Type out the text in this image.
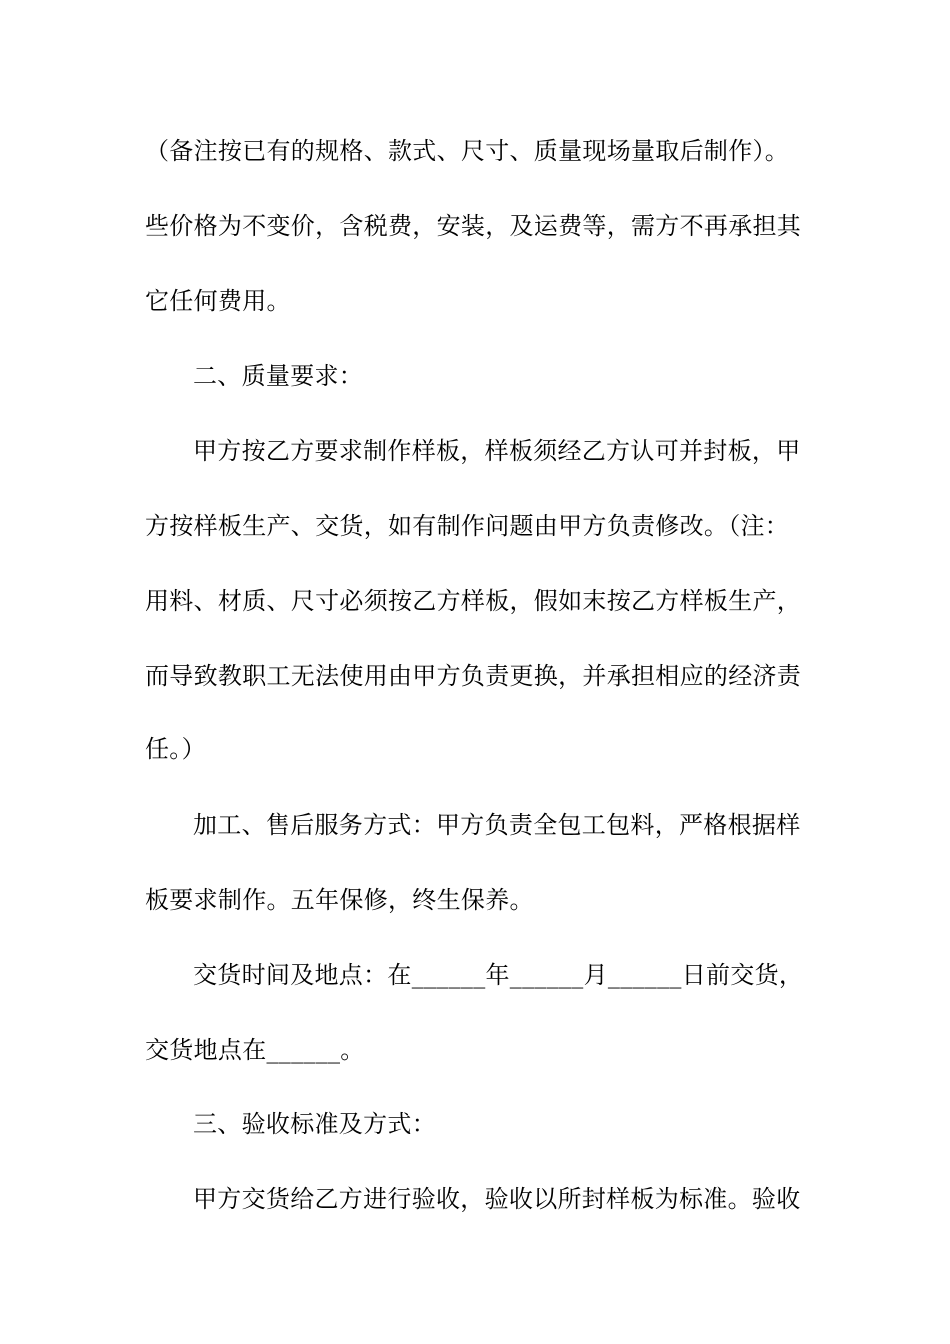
（备注按已有的规格、款式、尺寸、质量现场量取后制作）。
些价格为不变价，含税费，安装，及运费等，需方不再承担其
它任何费用。
二、质量要求：
甲方按乙方要求制作样板，样板须经乙方认可并封板，甲
方按样板生产、交货，如有制作问题由甲方负责修改。（注：
用料、材质、尺寸必须按乙方样板，假如末按乙方样板生产，
而导致教职工无法使用由甲方负责更换，并承担相应的经济责
任。）
加工、售后服务方式：甲方负责全包工包料，严格根据样
板要求制作。五年保修，终生保养。
交货时间及地点：在______年______月______日前交货，
交货地点在______。
三、验收标准及方式：
甲方交货给乙方进行验收，验收以所封样板为标准。验收
